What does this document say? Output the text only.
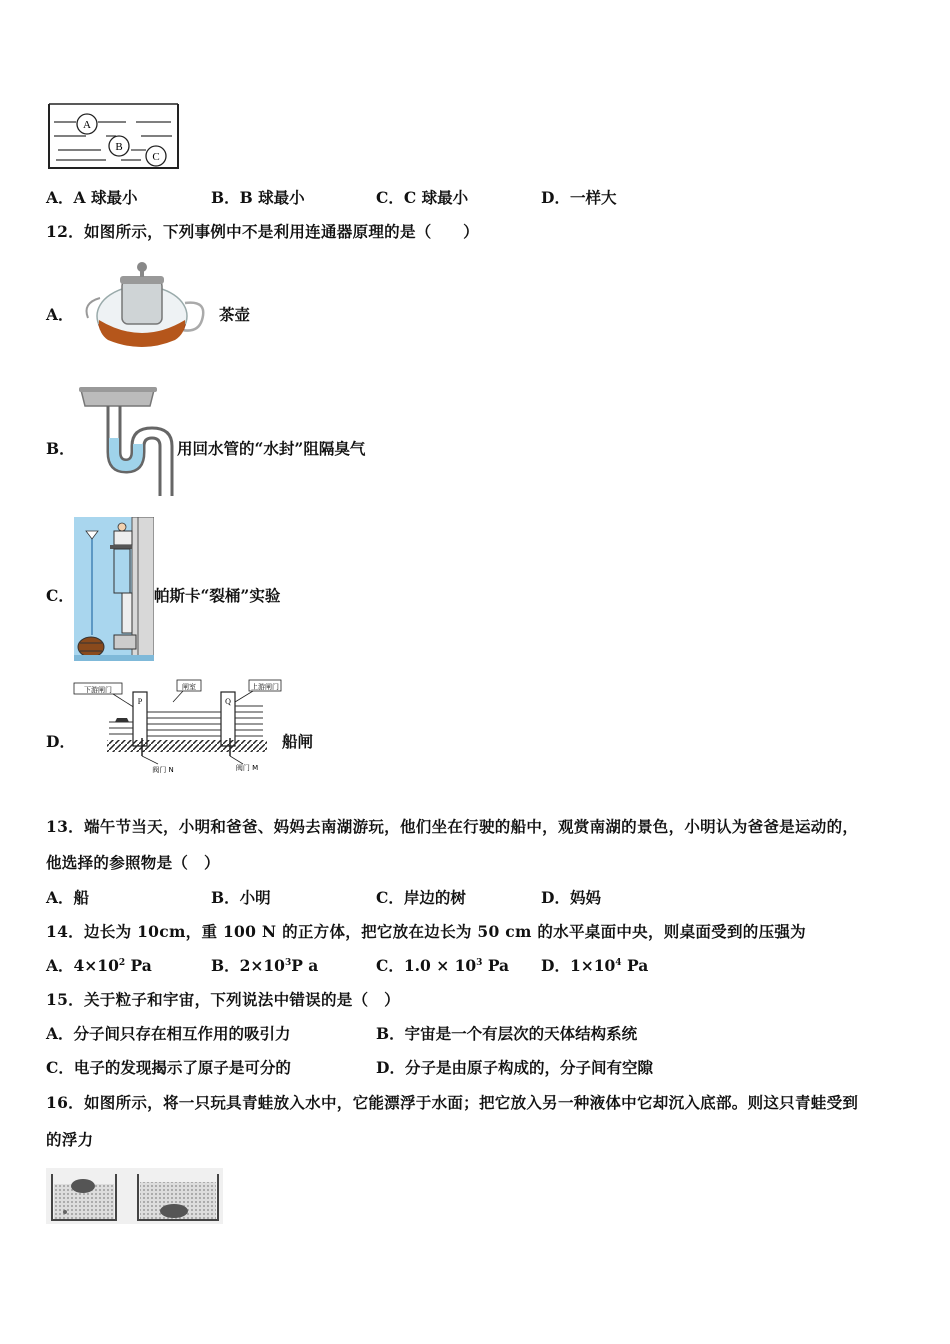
A
B
C
A．A 球最小	B．B 球最小	C．C 球最小	D．一样大
12．如图所示，下列事例中不是利用连通器原理的是（　　）
A．	茶壶
B．	用回水管的“水封”阻隔臭气
C．	帕斯卡“裂桶”实验
D．
下游闸门	闸室	上游闸门
P	Q
阀门 N	阀门 M
船闸
13．端午节当天，小明和爸爸、妈妈去南湖游玩，他们坐在行驶的船中，观赏南湖的景色，小明认为爸爸是运动的，
他选择的参照物是（　）
A．船	B．小明	C．岸边的树	D．妈妈
14．边长为 10cm，重 100 N 的正方体，把它放在边长为 50 cm 的水平桌面中央，则桌面受到的压强为
A．$4\times 10^2$ Pa	B．$2\times 10^3P$ a	C．$1.0 \times 10^3$ Pa D．$1\times 10^4$ Pa
15．关于粒子和宇宙，下列说法中错误的是（　）
A．分子间只存在相互作用的吸引力	B．宇宙是一个有层次的天体结构系统
C．电子的发现揭示了原子是可分的	D．分子是由原子构成的，分子间有空隙
16．如图所示，将一只玩具青蛙放入水中，它能漂浮于水面；把它放入另一种液体中它却沉入底部。则这只青蛙受到
的浮力
